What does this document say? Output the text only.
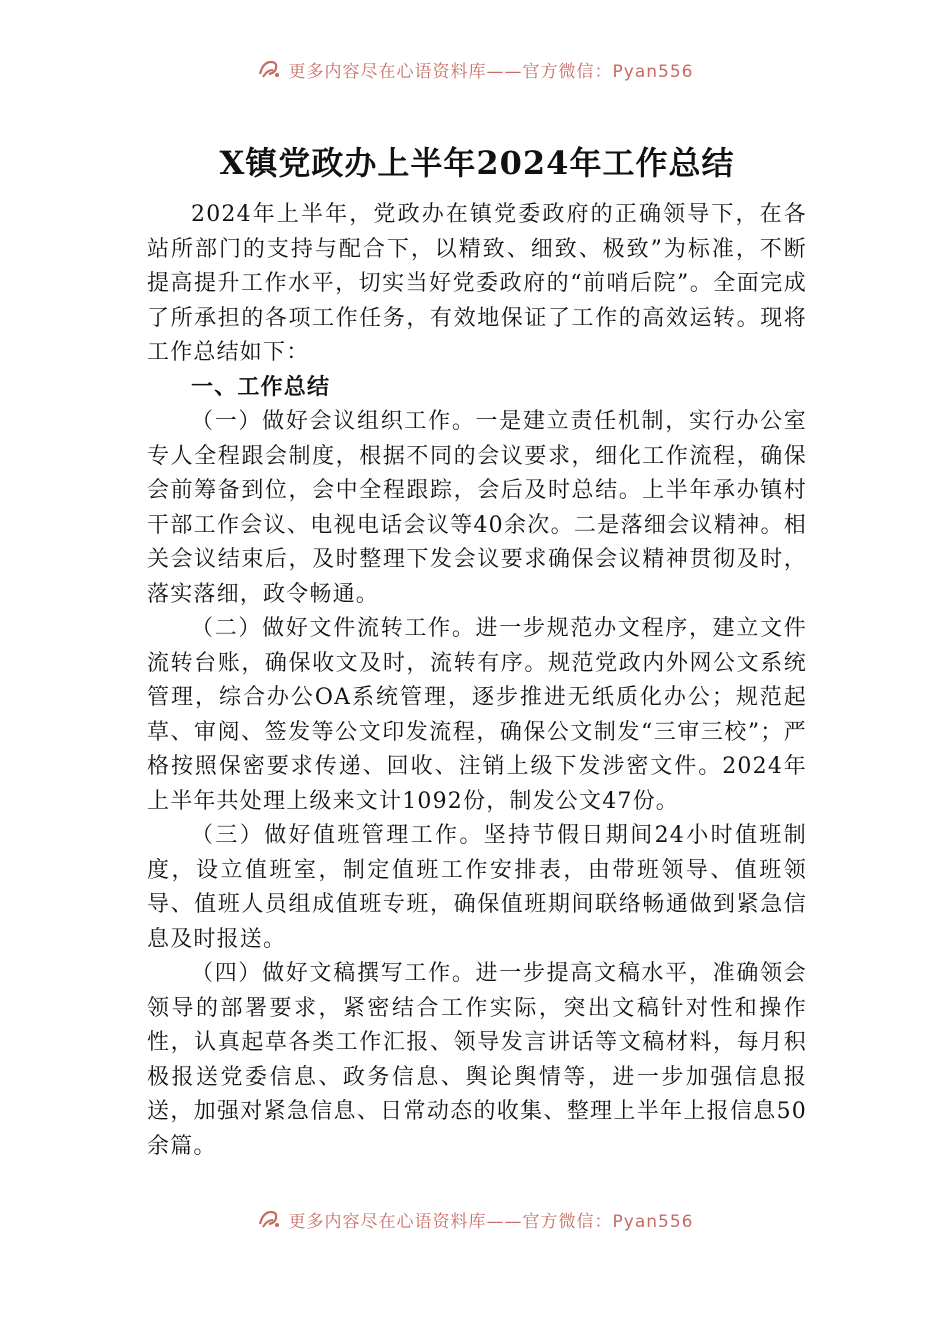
更多内容尽在心语资料库——官方微信：Pyan556
X镇党政办上半年2024年工作总结

2024年上半年，党政办在镇党委政府的正确领导下，在各站所部门的支持与配合下，以精致、细致、极致”为标准，不断提高提升工作水平，切实当好党委政府的“前哨后院”。全面完成了所承担的各项工作任务，有效地保证了工作的高效运转。现将工作总结如下：

一、工作总结

（一）做好会议组织工作。一是建立责任机制，实行办公室专人全程跟会制度，根据不同的会议要求，细化工作流程，确保会前筹备到位，会中全程跟踪，会后及时总结。上半年承办镇村干部工作会议、电视电话会议等40余次。二是落细会议精神。相关会议结束后，及时整理下发会议要求确保会议精神贯彻及时，落实落细，政令畅通。

（二）做好文件流转工作。进一步规范办文程序，建立文件流转台账，确保收文及时，流转有序。规范党政内外网公文系统管理，综合办公OA系统管理，逐步推进无纸质化办公；规范起草、审阅、签发等公文印发流程，确保公文制发“三审三校”；严格按照保密要求传递、回收、注销上级下发涉密文件。2024年上半年共处理上级来文计1092份，制发公文47份。

（三）做好值班管理工作。坚持节假日期间24小时值班制度，设立值班室，制定值班工作安排表，由带班领导、值班领导、值班人员组成值班专班，确保值班期间联络畅通做到紧急信息及时报送。

（四）做好文稿撰写工作。进一步提高文稿水平，准确领会领导的部署要求，紧密结合工作实际，突出文稿针对性和操作性，认真起草各类工作汇报、领导发言讲话等文稿材料，每月积极报送党委信息、政务信息、舆论舆情等，进一步加强信息报送，加强对紧急信息、日常动态的收集、整理上半年上报信息50余篇。

更多内容尽在心语资料库——官方微信：Pyan556
